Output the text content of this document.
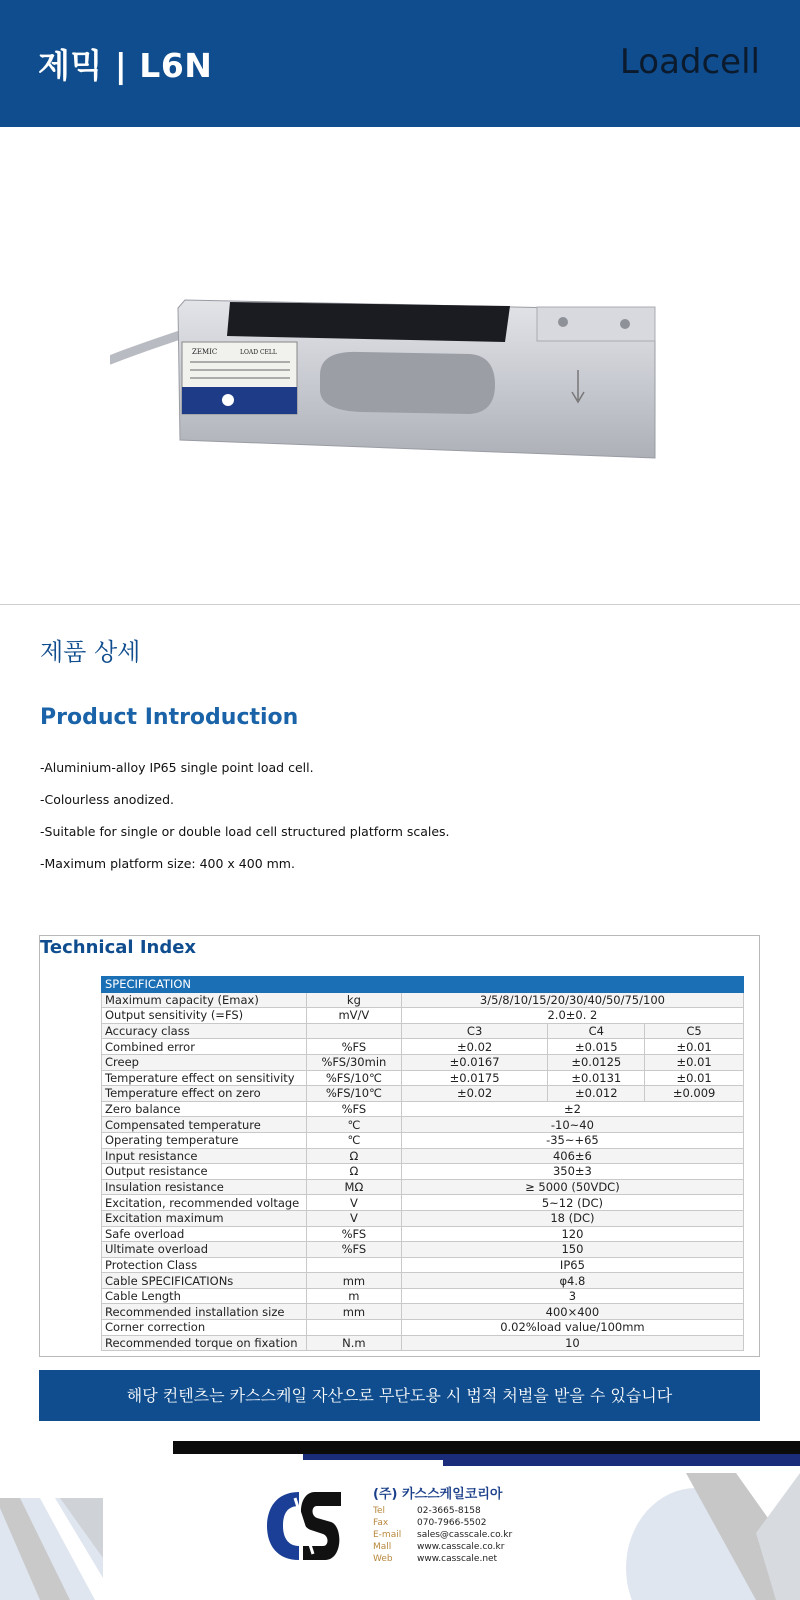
제믹 | L6N	Loadcell
ZEMIC	LOAD CELL
제품 상세
Product Introduction
-Aluminium-alloy IP65 single point load cell.
-Colourless anodized.
-Suitable for single or double load cell structured platform scales.
-Maximum platform size: 400 x 400 mm.
Technical Index
SPECIFICATION				
Maximum capacity (Emax)	kg	3/5/8/10/15/20/30/40/50/75/100		
Output sensitivity (=FS)	mV/V	2.0±0. 2		
Accuracy class		C3	C4	C5
Combined error	%FS	±0.02	±0.015	±0.01
Creep	%FS/30min	±0.0167	±0.0125	±0.01
Temperature effect on sensitivity	%FS/10℃	±0.0175	±0.0131	±0.01
Temperature effect on zero	%FS/10℃	±0.02	±0.012	±0.009
Zero balance	%FS	±2		
Compensated temperature	℃	-10~40		
Operating temperature	℃	-35~+65		
Input resistance	Ω	406±6		
Output resistance	Ω	350±3		
Insulation resistance	MΩ	≥ 5000 (50VDC)		
Excitation, recommended voltage	V	5~12 (DC)		
Excitation maximum	V	18 (DC)		
Safe overload	%FS	120		
Ultimate overload	%FS	150		
Protection Class		IP65		
Cable SPECIFICATIONs	mm	φ4.8		
Cable Length	m	3		
Recommended installation size	mm	400×400		
Corner correction		0.02%load value/100mm		
Recommended torque on fixation	N.m	10		
해당 컨텐츠는 카스스케일 자산으로 무단도용 시 법적 처벌을 받을 수 있습니다
(주) 카스스케일코리아
Tel	02-3665-8158
Fax	070-7966-5502
E-mail	sales@casscale.co.kr
Mall	www.casscale.co.kr
Web	www.casscale.net
